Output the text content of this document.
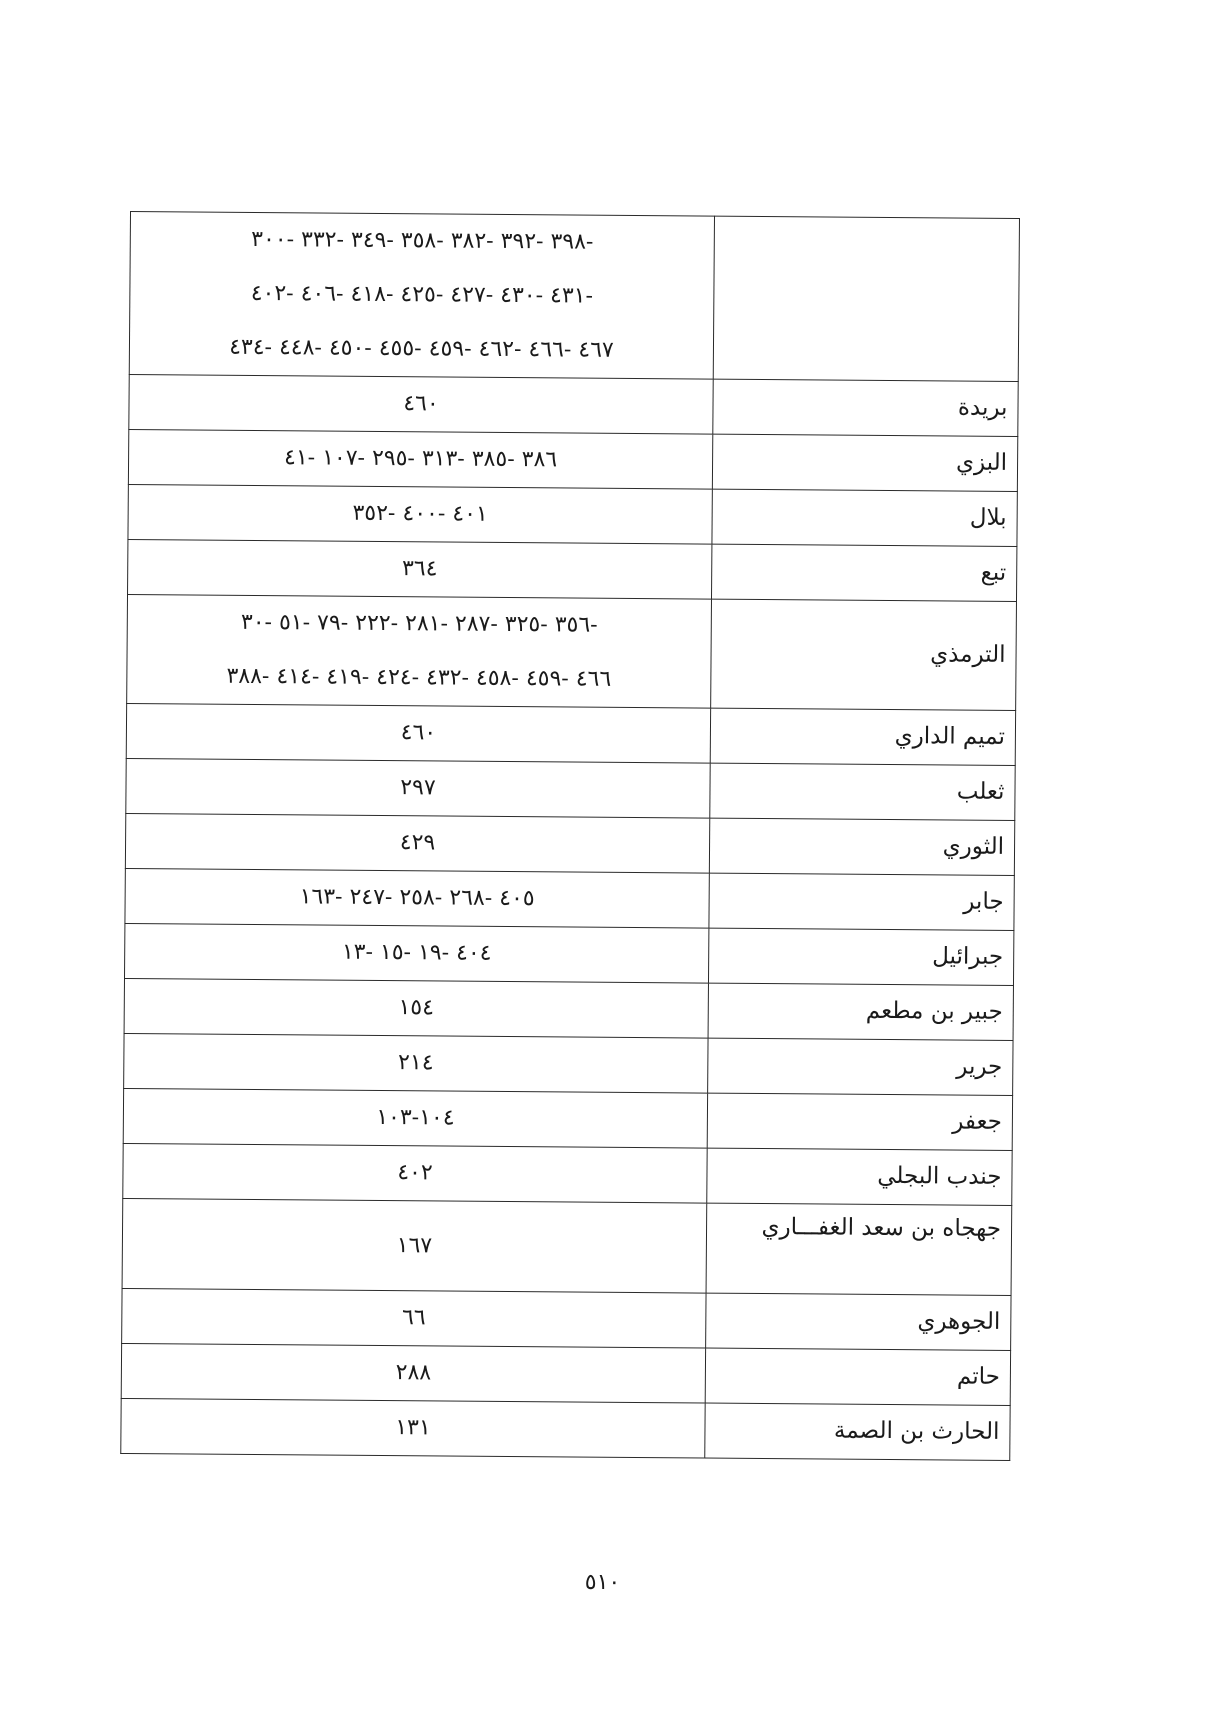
	-٣٩٨ -٣٩٢ -٣٨٢ -٣٥٨ -٣٤٩ -٣٣٢ -٣٠٠
-٤٣١ -٤٣٠ -٤٢٧ -٤٢٥ -٤١٨ -٤٠٦ -٤٠٢
٤٦٧ -٤٦٦ -٤٦٢ -٤٥٩ -٤٥٥ -٤٥٠ -٤٤٨ -٤٣٤

بريدة	٤٦٠

البزي	٣٨٦ -٣٨٥ -٣١٣ -٢٩٥ -١٠٧ -٤١

بلال	٤٠١ -٤٠٠ -٣٥٢

تبع	٣٦٤

الترمذي	-٣٥٦ -٣٢٥ -٢٨٧ -٢٨١ -٢٢٢ -٧٩ -٥١ -٣٠
٤٦٦ -٤٥٩ -٤٥٨ -٤٣٢ -٤٢٤ -٤١٩ -٤١٤ -٣٨٨

تميم الداري	٤٦٠

ثعلب	٢٩٧

الثوري	٤٢٩

جابر	٤٠٥ -٢٦٨ -٢٥٨ -٢٤٧ -١٦٣

جبرائيل	٤٠٤ -١٩ -١٥ -١٣

جبير بن مطعم	١٥٤

جرير	٢١٤

جعفر	١٠٤-١٠٣

جندب البجلي	٤٠٢

جهجاه بن سعد الغفـــاري	١٦٧

الجوهري	٦٦

حاتم	٢٨٨

الحارث بن الصمة	١٣١
٥١٠
